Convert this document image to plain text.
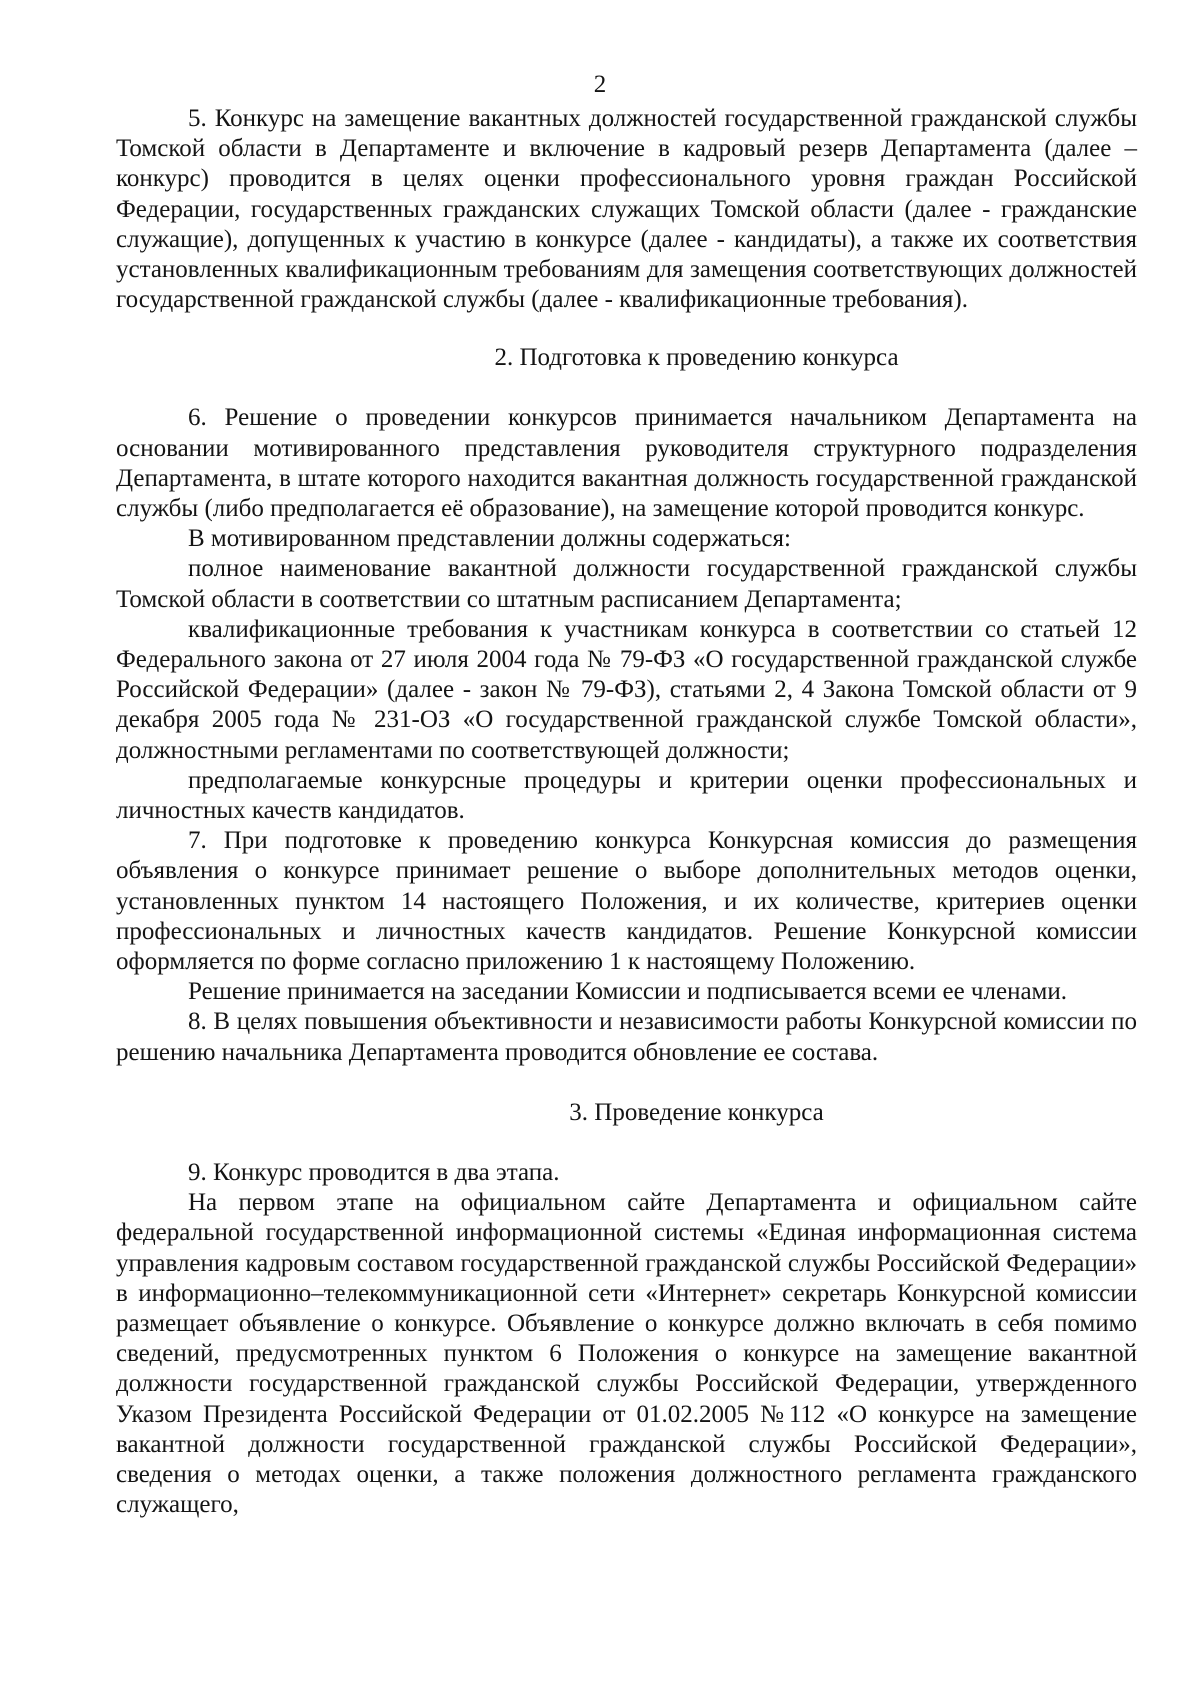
2

5. Конкурс на замещение вакантных должностей государственной гражданской службы Томской области в Департаменте и включение в кадровый резерв Департамента (далее – конкурс) проводится в целях оценки профессионального уровня граждан Российской Федерации, государственных гражданских служащих Томской области (далее - гражданские служащие), допущенных к участию в конкурсе (далее - кандидаты), а также их соответствия установленных квалификационным требованиям для замещения соответствующих должностей государственной гражданской службы (далее - квалификационные требования).

2. Подготовка к проведению конкурса

6. Решение о проведении конкурсов принимается начальником Департамента на основании мотивированного представления руководителя структурного подразделения Департамента, в штате которого находится вакантная должность государственной гражданской службы (либо предполагается её образование), на замещение которой проводится конкурс.

В мотивированном представлении должны содержаться:

полное наименование вакантной должности государственной гражданской службы Томской области в соответствии со штатным расписанием Департамента;

квалификационные требования к участникам конкурса в соответствии со статьей 12 Федерального закона от 27 июля 2004 года № 79-ФЗ «О государственной гражданской службе Российской Федерации» (далее - закон № 79-ФЗ), статьями 2, 4 Закона Томской области от 9 декабря 2005 года № 231-ОЗ «О государственной гражданской службе Томской области», должностными регламентами по соответствующей должности;

предполагаемые конкурсные процедуры и критерии оценки профессиональных и личностных качеств кандидатов.

7. При подготовке к проведению конкурса Конкурсная комиссия до размещения объявления о конкурсе принимает решение о выборе дополнительных методов оценки, установленных пунктом 14 настоящего Положения, и их количестве, критериев оценки профессиональных и личностных качеств кандидатов. Решение Конкурсной комиссии оформляется по форме согласно приложению 1 к настоящему Положению.

Решение принимается на заседании Комиссии и подписывается всеми ее членами.

8. В целях повышения объективности и независимости работы Конкурсной комиссии по решению начальника Департамента проводится обновление ее состава.

3. Проведение конкурса

9. Конкурс проводится в два этапа.

На первом этапе на официальном сайте Департамента и официальном сайте федеральной государственной информационной системы «Единая информационная система управления кадровым составом государственной гражданской службы Российской Федерации» в информационно–телекоммуникационной сети «Интернет» секретарь Конкурсной комиссии размещает объявление о конкурсе. Объявление о конкурсе должно включать в себя помимо сведений, предусмотренных пунктом 6 Положения о конкурсе на замещение вакантной должности государственной гражданской службы Российской Федерации, утвержденного Указом Президента Российской Федерации от 01.02.2005 №112 «О конкурсе на замещение вакантной должности государственной гражданской службы Российской Федерации», сведения о методах оценки, а также положения должностного регламента гражданского служащего,
